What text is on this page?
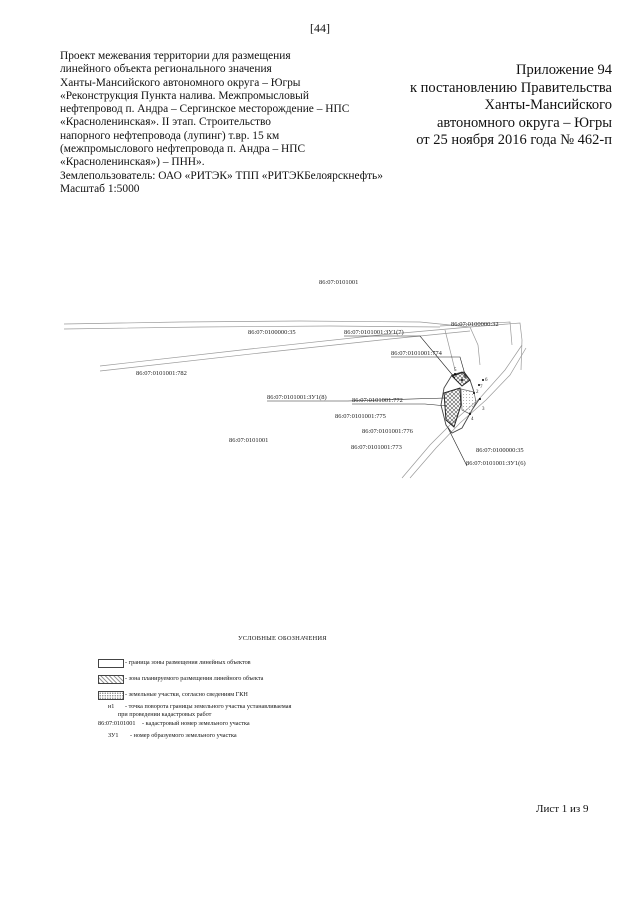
[44]
Проект межевания территории для размещения
линейного объекта регионального значения
Ханты-Мансийского автономного округа – Югры
«Реконструкция Пункта налива. Межпромысловый
нефтепровод п. Андра – Сергинское месторождение – НПС
«Красноленинская». II этап. Строительство
напорного нефтепровода (лупинг) т.вр. 15 км
(межпромыслового нефтепровода п. Андра – НПС
«Красноленинская») – ПНН».
Землепользователь: ОАО «РИТЭК» ТПП «РИТЭКБелоярскнефть»
Масштаб 1:5000
Приложение 94
к постановлению Правительства
Ханты-Мансийского
автономного округа – Югры
от 25 ноября 2016 года № 462-п
1
2
3
4
5
6
7
86:07:0101001
86:07:0100000:35	86:07:0101001:ЗУ1(7)
86:07:0100000:32
86:07:0101001:774
86:07:0101001:782
86:07:0101001:ЗУ1(8)	86:07:0101001:772
86:07:0101001:775
86:07:0101001
86:07:0101001:776
86:07:0101001:773	86:07:0100000:35
86:07:0101001:ЗУ1(6)
УСЛОВНЫЕ ОБОЗНАЧЕНИЯ
- граница зоны размещения линейных объектов
- зона планируемого размещения линейного объекта
- земельные участки, согласно сведениям ГКН
н1 - точка поворота границы земельного участка устанавливаемая
при проведении кадастровых работ
86:07:0101001 - кадастровый номер земельного участка
ЗУ1 - номер образуемого земельного участка
Лист 1 из 9
